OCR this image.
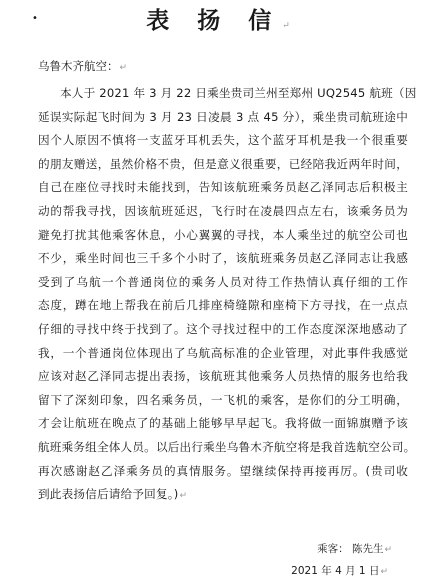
•	表 扬 信↵
乌鲁木齐航空：↵
本人于 2021 年 3 月 22 日乘坐贵司兰州至郑州 UQ2545 航班（因
延误实际起飞时间为 3 月 23 日凌晨 3 点 45 分），乘坐贵司航班途中
因个人原因不慎将一支蓝牙耳机丢失，这个蓝牙耳机是我一个很重要
的朋友赠送，虽然价格不贵，但是意义很重要，已经陪我近两年时间，
自己在座位寻找时未能找到，告知该航班乘务员赵乙泽同志后积极主
动的帮我寻找，因该航班延迟，飞行时在凌晨四点左右，该乘务员为
避免打扰其他乘客休息，小心翼翼的寻找，本人乘坐过的航空公司也
不少，乘坐时间也三千多个小时了，该航班乘务员赵乙泽同志让我感
受到了乌航一个普通岗位的乘务人员对待工作热情认真仔细的工作
态度，蹲在地上帮我在前后几排座椅缝隙和座椅下方寻找，在一点点
仔细的寻找中终于找到了。这个寻找过程中的工作态度深深地感动了
我，一个普通岗位体现出了乌航高标准的企业管理，对此事件我感觉
应该对赵乙泽同志提出表扬，该航班其他乘务人员热情的服务也给我
留下了深刻印象，四名乘务员，一飞机的乘客，是你们的分工明确，
才会让航班在晚点了的基础上能够早早起飞。我将做一面锦旗赠予该
航班乘务组全体人员。以后出行乘坐乌鲁木齐航空将是我首选航空公司。
再次感谢赵乙泽乘务员的真情服务。望继续保持再接再厉。(贵司收
到此表扬信后请给予回复。)↵
乘客： 陈先生↵
2021 年 4 月 1 日↵
